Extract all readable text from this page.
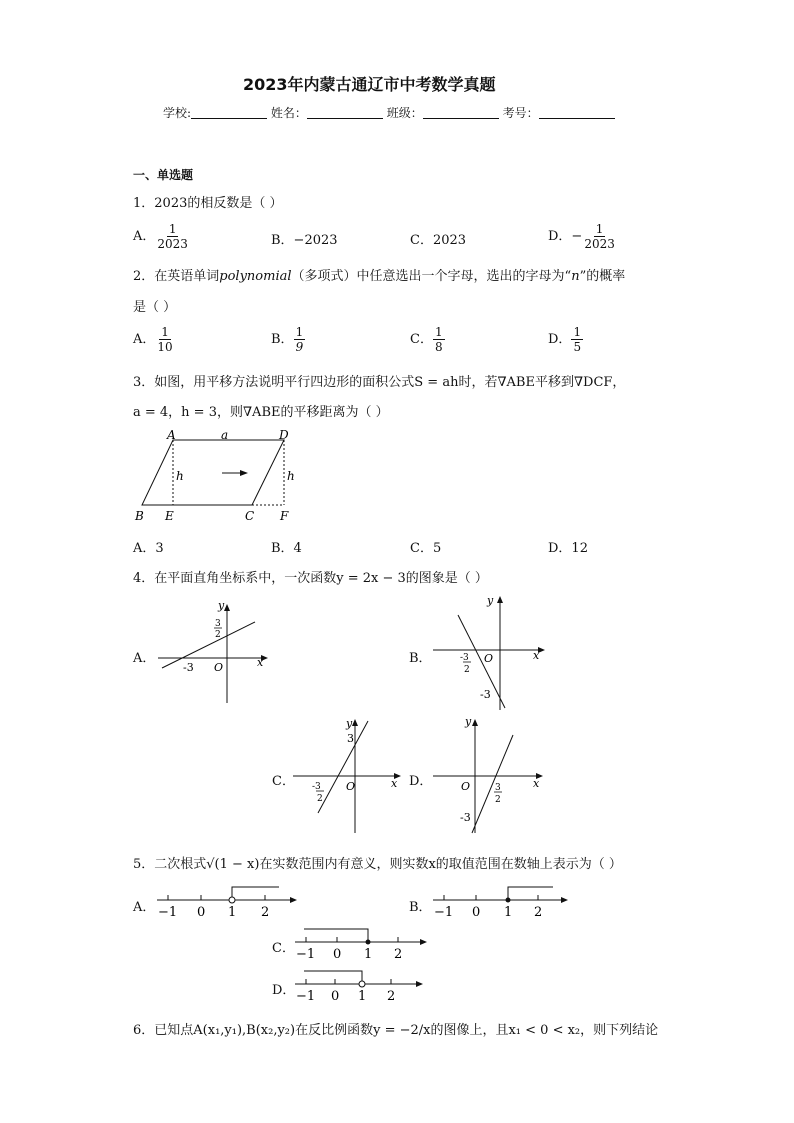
2023年内蒙古通辽市中考数学真题
学校:	姓名：	班级：	考号：
一、单选题
1．2023的相反数是（ ）
A． $\frac{1}{2023}$	B．−2023	C．2023	D．− $\frac{1}{2023}$
2．在英语单词polynomial（多项式）中任意选出一个字母，选出的字母为“n”的概率
是（ ）
A． $\frac{1}{10}$	B． $\frac{1}{9}$	C． $\frac{1}{8}$	D． $\frac{1}{5}$
3．如图，用平移方法说明平行四边形的面积公式S = ah时，若∇ABE平移到∇DCF，
a = 4，h = 3，则∇ABE的平移距离为（ ）
A	D
B E	C F
a
h	h
A．3	B．4	C．5	D．12
4．在平面直角坐标系中，一次函数y = 2x − 3的图象是（ ）
A．
y
x
O
-3
3
2
B．
y
x
O
-3
2
-3
C．
y
x
O
3
-3
2
D．
y
x
O	3
2
-3
5．二次根式√(1 − x)在实数范围内有意义，则实数x的取值范围在数轴上表示为（ ）
A． −1 0 1 2	B． −1 0 1 2
C． −1 0 1 2
D． −1 0 1 2
6．已知点A(x₁,y₁),B(x₂,y₂)在反比例函数y = −2/x的图像上，且x₁ < 0 < x₂，则下列结论
